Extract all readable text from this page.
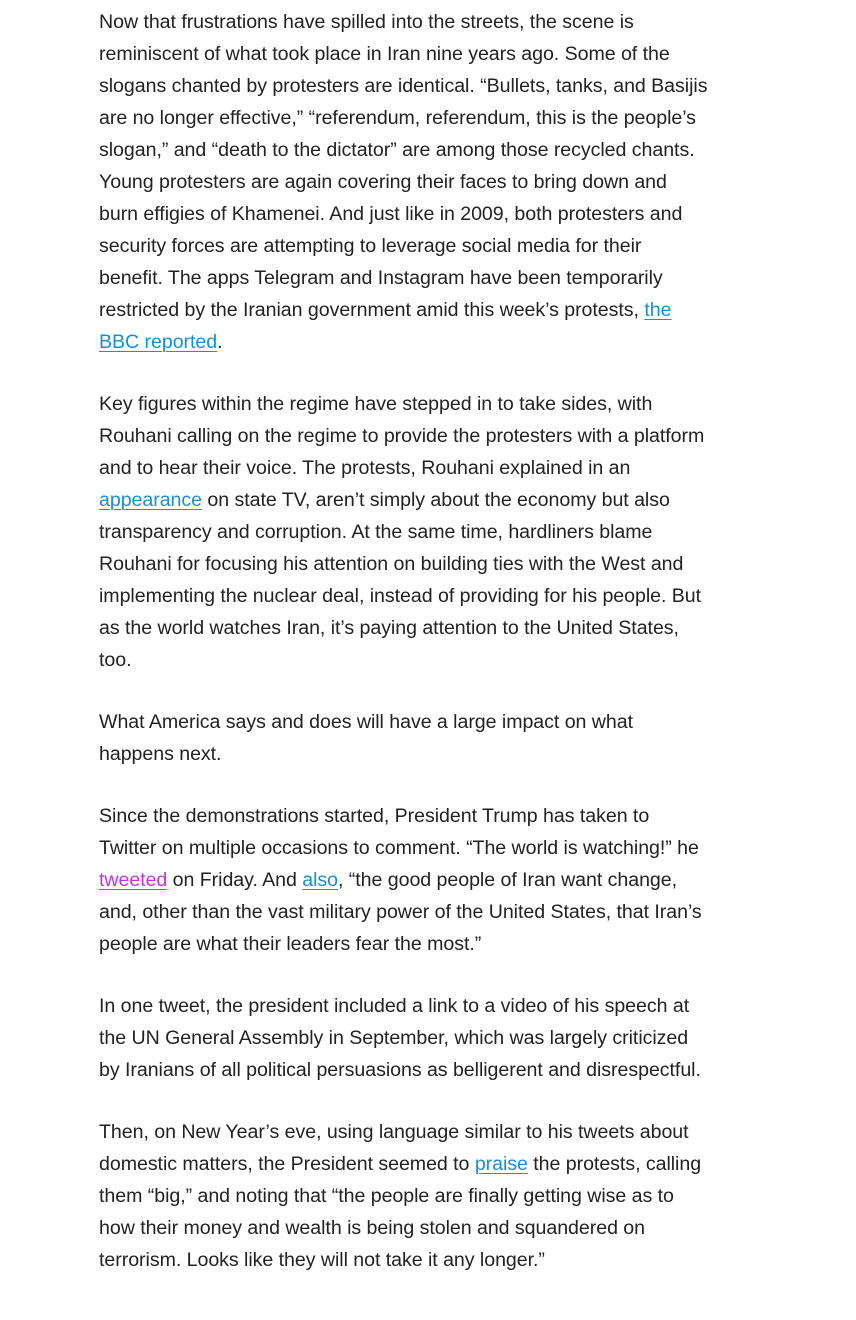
Now that frustrations have spilled into the streets, the scene is reminiscent of what took place in Iran nine years ago. Some of the slogans chanted by protesters are identical. “Bullets, tanks, and Basijis are no longer effective,” “referendum, referendum, this is the people’s slogan,” and “death to the dictator” are among those recycled chants. Young protesters are again covering their faces to bring down and burn effigies of Khamenei. And just like in 2009, both protesters and security forces are attempting to leverage social media for their benefit. The apps Telegram and Instagram have been temporarily restricted by the Iranian government amid this week’s protests, the BBC reported.

Key figures within the regime have stepped in to take sides, with Rouhani calling on the regime to provide the protesters with a platform and to hear their voice. The protests, Rouhani explained in an appearance on state TV, aren’t simply about the economy but also transparency and corruption. At the same time, hardliners blame Rouhani for focusing his attention on building ties with the West and implementing the nuclear deal, instead of providing for his people. But as the world watches Iran, it’s paying attention to the United States, too.

What America says and does will have a large impact on what happens next.

Since the demonstrations started, President Trump has taken to Twitter on multiple occasions to comment. “The world is watching!” he tweeted on Friday. And also, “the good people of Iran want change, and, other than the vast military power of the United States, that Iran’s people are what their leaders fear the most.”

In one tweet, the president included a link to a video of his speech at the UN General Assembly in September, which was largely criticized by Iranians of all political persuasions as belligerent and disrespectful.

Then, on New Year’s eve, using language similar to his tweets about domestic matters, the President seemed to praise the protests, calling them “big,” and noting that “the people are finally getting wise as to how their money and wealth is being stolen and squandered on terrorism. Looks like they will not take it any longer.”
